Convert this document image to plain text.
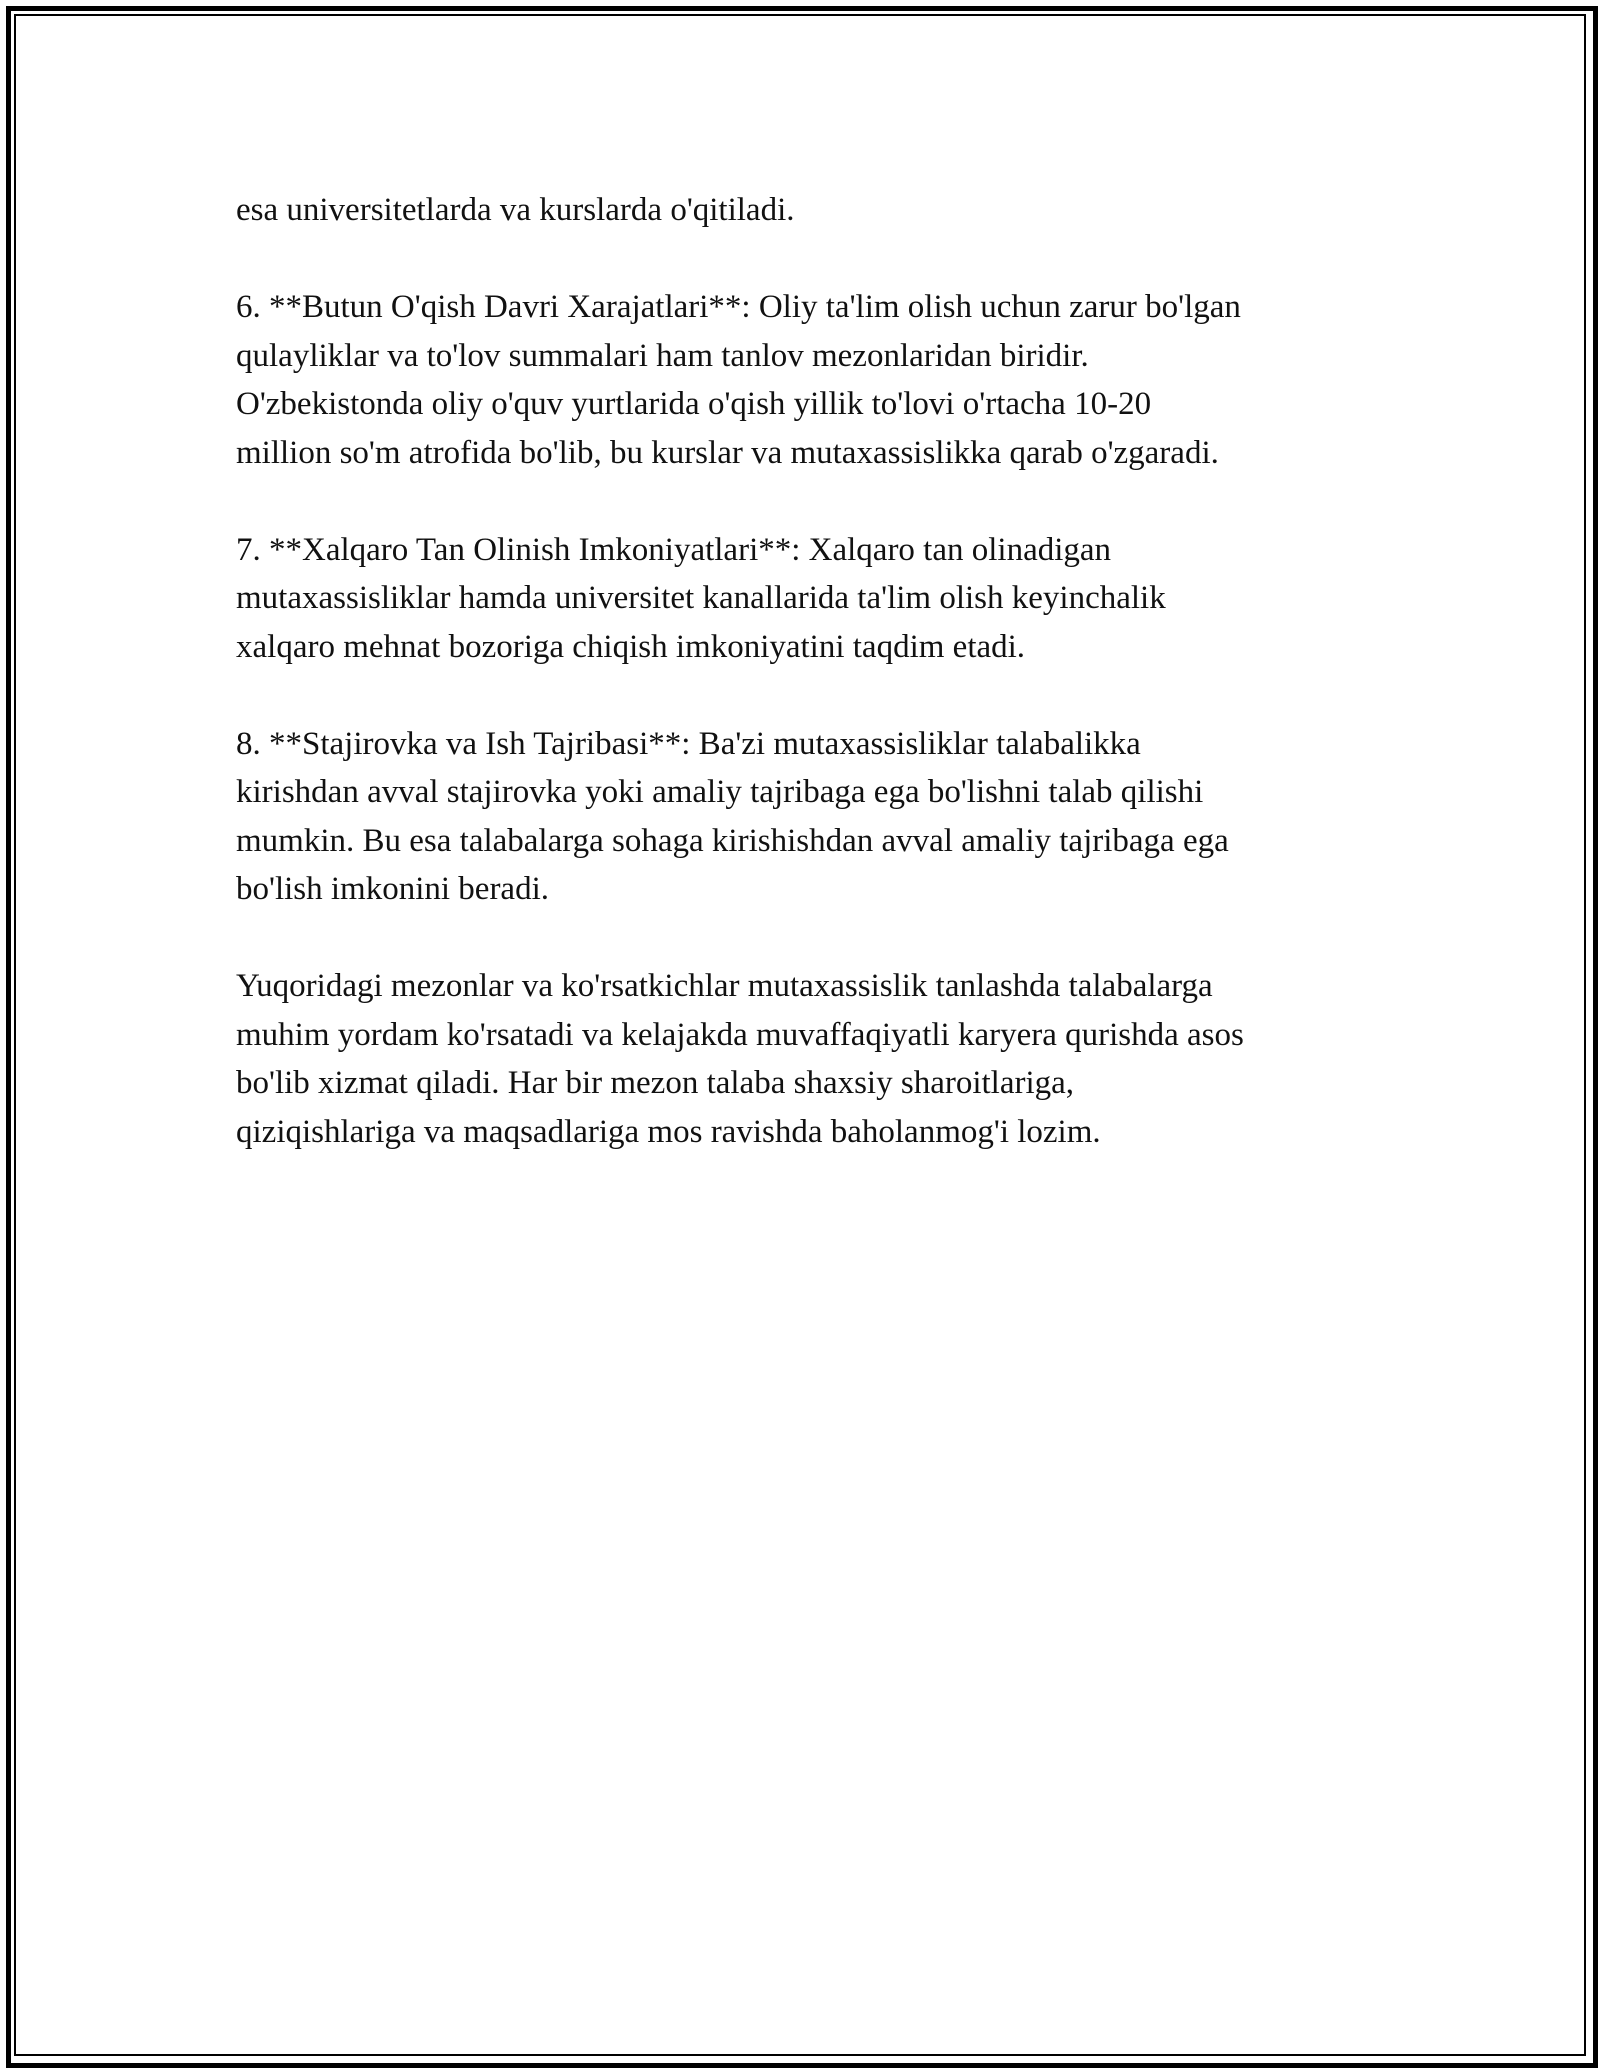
esa universitetlarda va kurslarda o'qitiladi.

6. **Butun O'qish Davri Xarajatlari**: Oliy ta'lim olish uchun zarur bo'lgan
qulayliklar va to'lov summalari ham tanlov mezonlaridan biridir.
O'zbekistonda oliy o'quv yurtlarida o'qish yillik to'lovi o'rtacha 10-20
million so'm atrofida bo'lib, bu kurslar va mutaxassislikka qarab o'zgaradi.

7. **Xalqaro Tan Olinish Imkoniyatlari**: Xalqaro tan olinadigan
mutaxassisliklar hamda universitet kanallarida ta'lim olish keyinchalik
xalqaro mehnat bozoriga chiqish imkoniyatini taqdim etadi.

8. **Stajirovka va Ish Tajribasi**: Ba'zi mutaxassisliklar talabalikka
kirishdan avval stajirovka yoki amaliy tajribaga ega bo'lishni talab qilishi
mumkin. Bu esa talabalarga sohaga kirishishdan avval amaliy tajribaga ega
bo'lish imkonini beradi.

Yuqoridagi mezonlar va ko'rsatkichlar mutaxassislik tanlashda talabalarga
muhim yordam ko'rsatadi va kelajakda muvaffaqiyatli karyera qurishda asos
bo'lib xizmat qiladi. Har bir mezon talaba shaxsiy sharoitlariga,
qiziqishlariga va maqsadlariga mos ravishda baholanmog'i lozim.
